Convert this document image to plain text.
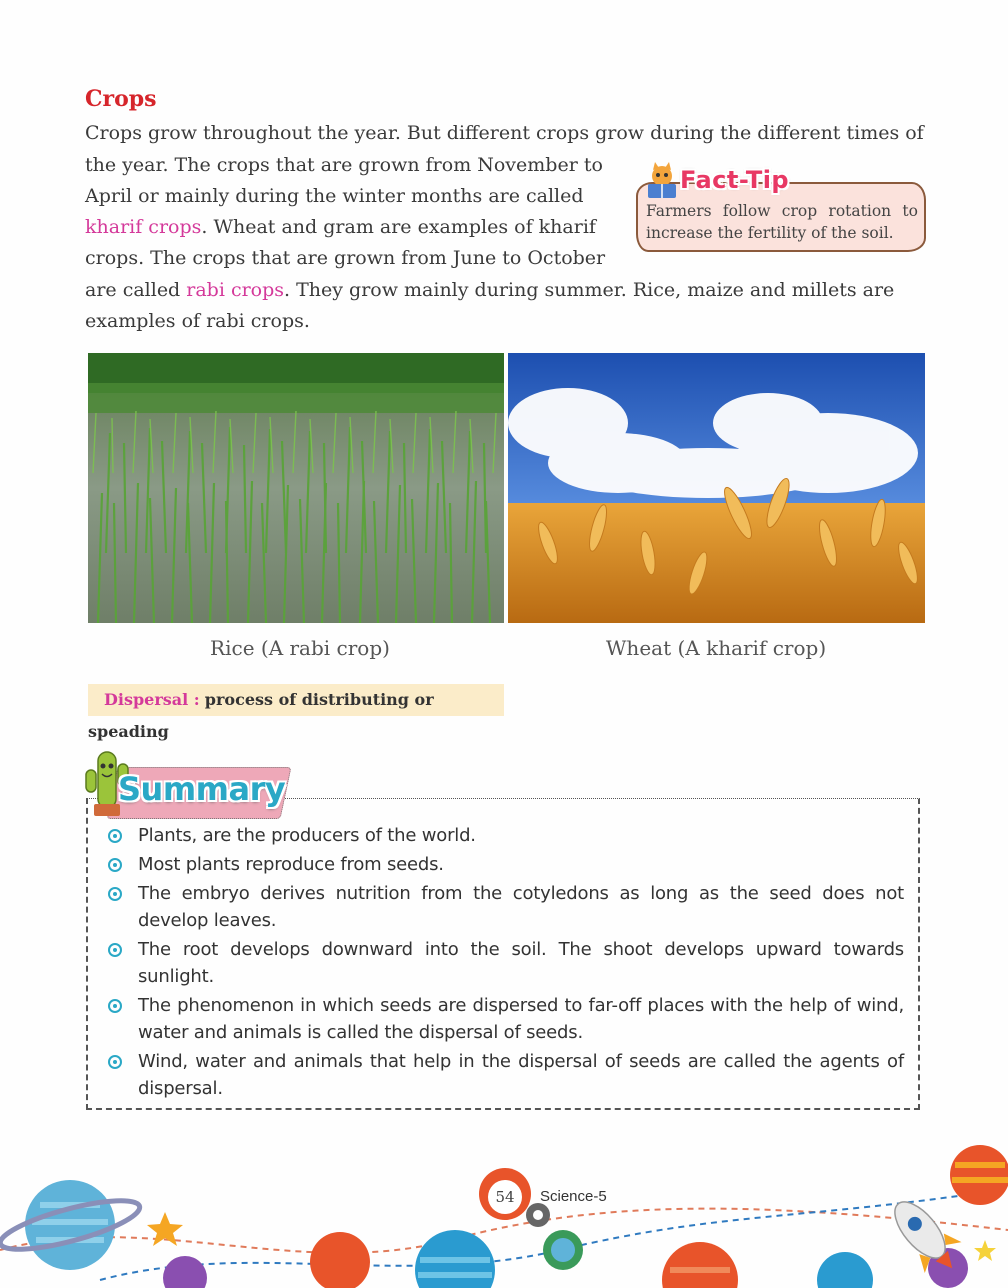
Crops
Crops grow throughout the year. But different crops grow during the different times of
the year. The crops that are grown from November to
April or mainly during the winter months are called
kharif crops. Wheat and gram are examples of kharif
crops. The crops that are grown from June to October
are called rabi crops. They grow mainly during summer. Rice, maize and millets are
examples of rabi crops.
Fact-Tip
Farmers follow crop rotation to increase the fertility of the soil.
Rice (A rabi crop)	Wheat (A kharif crop)
Dispersal : process of distributing or speading
Summary
Plants, are the producers of the world.
Most plants reproduce from seeds.
The embryo derives nutrition from the cotyledons as long as the seed does not develop leaves.
The root develops downward into the soil. The shoot develops upward towards sunlight.
The phenomenon in which seeds are dispersed to far-off places with the help of wind, water and animals is called the dispersal of seeds.
Wind, water and animals that help in the dispersal of seeds are called the agents of dispersal.
54	Science-5
